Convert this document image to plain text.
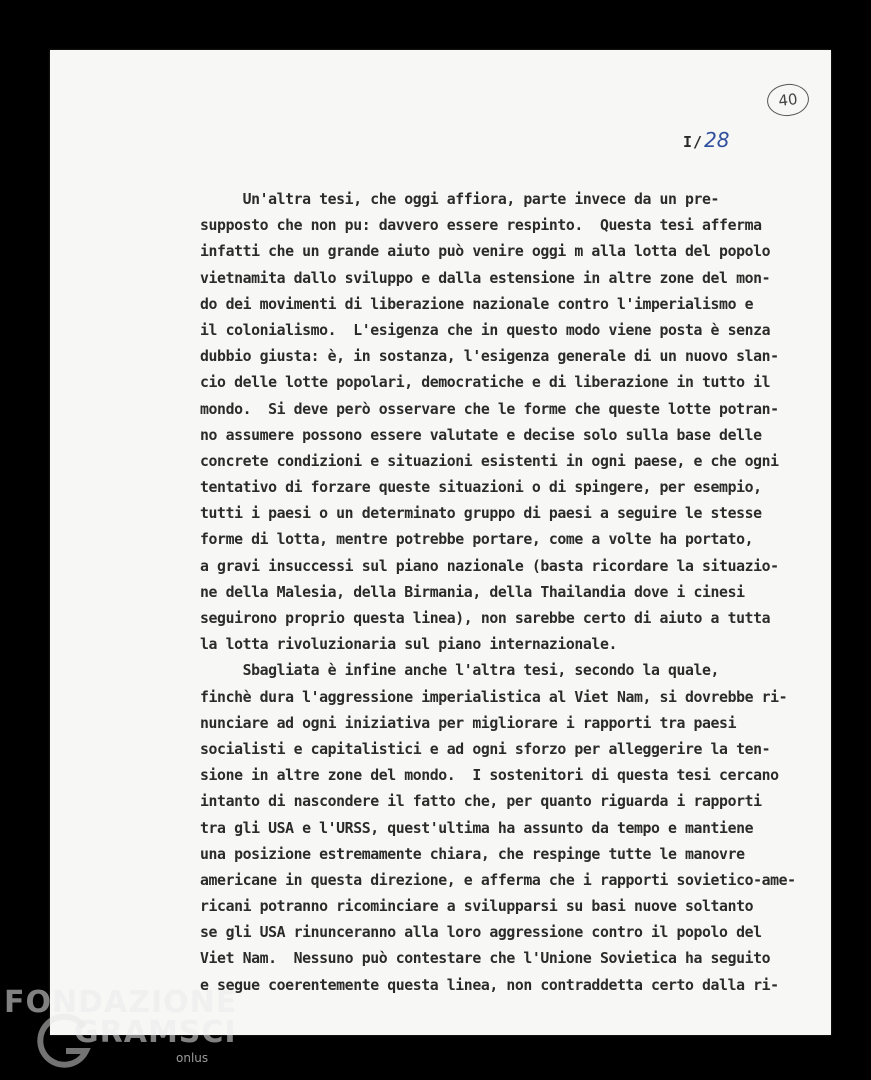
40
I/28
Un'altra tesi, che oggi affiora, parte invece da un pre-
supposto che non pu: davvero essere respinto.  Questa tesi afferma
infatti che un grande aiuto può venire oggi m alla lotta del popolo
vietnamita dallo sviluppo e dalla estensione in altre zone del mon-
do dei movimenti di liberazione nazionale contro l'imperialismo e
il colonialismo.  L'esigenza che in questo modo viene posta è senza
dubbio giusta: è, in sostanza, l'esigenza generale di un nuovo slan-
cio delle lotte popolari, democratiche e di liberazione in tutto il
mondo.  Si deve però osservare che le forme che queste lotte potran-
no assumere possono essere valutate e decise solo sulla base delle
concrete condizioni e situazioni esistenti in ogni paese, e che ogni
tentativo di forzare queste situazioni o di spingere, per esempio,
tutti i paesi o un determinato gruppo di paesi a seguire le stesse
forme di lotta, mentre potrebbe portare, come a volte ha portato,
a gravi insuccessi sul piano nazionale (basta ricordare la situazio-
ne della Malesia, della Birmania, della Thailandia dove i cinesi
seguirono proprio questa linea), non sarebbe certo di aiuto a tutta
la lotta rivoluzionaria sul piano internazionale.
Sbagliata è infine anche l'altra tesi, secondo la quale,
finchè dura l'aggressione imperialistica al Viet Nam, si dovrebbe ri-
nunciare ad ogni iniziativa per migliorare i rapporti tra paesi
socialisti e capitalistici e ad ogni sforzo per alleggerire la ten-
sione in altre zone del mondo.  I sostenitori di questa tesi cercano
intanto di nascondere il fatto che, per quanto riguarda i rapporti
tra gli USA e l'URSS, quest'ultima ha assunto da tempo e mantiene
una posizione estremamente chiara, che respinge tutte le manovre
americane in questa direzione, e afferma che i rapporti sovietico-ame-
ricani potranno ricominciare a svilupparsi su basi nuove soltanto
se gli USA rinunceranno alla loro aggressione contro il popolo del
Viet Nam.  Nessuno può contestare che l'Unione Sovietica ha seguito
e segue coerentemente questa linea, non contraddetta certo dalla ri-
FONDAZIONE
GRAMSCI
onlus
